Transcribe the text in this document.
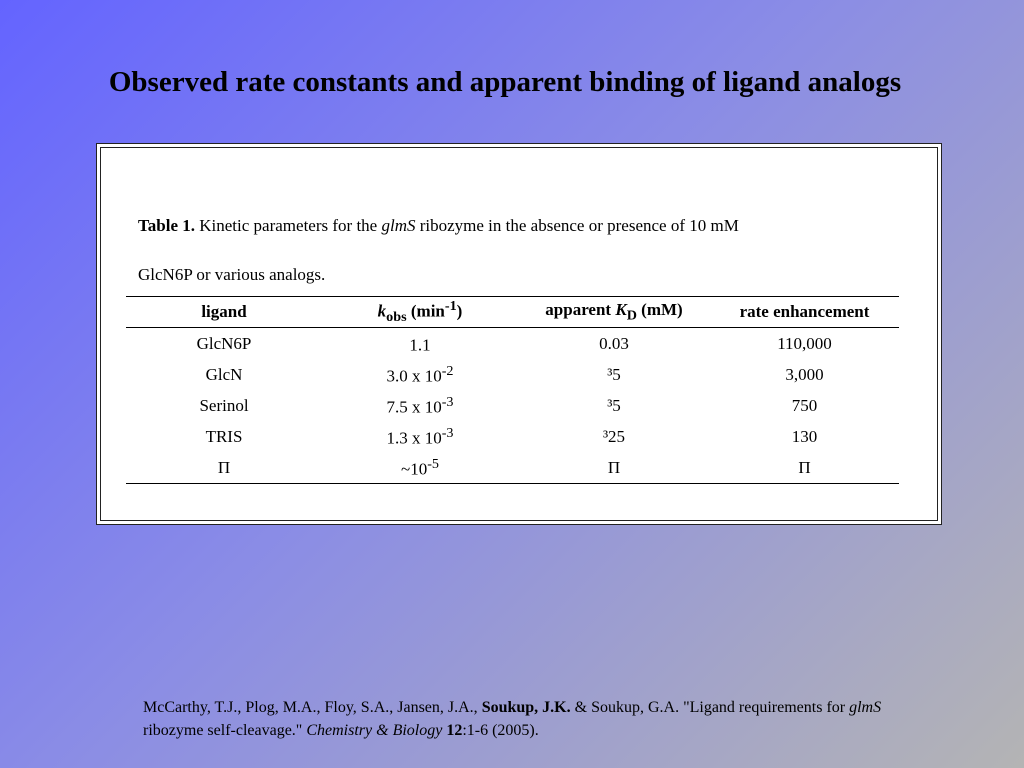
Observed rate constants and apparent binding of ligand analogs
Table 1. Kinetic parameters for the glmS ribozyme in the absence or presence of 10 mM
GlcN6P or various analogs.
ligand	$k_{obs}$ $(\min^{-1})$	apparent $K_D$ (mM)	rate enhancement
GlcN6P	1.1	0.03	110,000
GlcN	3.0 x $10^{-2}$	³5	3,000
Serinol	7.5 x $10^{-3}$	³5	750
TRIS	1.3 x $10^{-3}$	³25	130
Π	$\sim 10^{-5}$	Π	Π
McCarthy, T.J., Plog, M.A., Floy, S.A., Jansen, J.A., Soukup, J.K. & Soukup, G.A. "Ligand requirements for glmS ribozyme self-cleavage." Chemistry & Biology 12:1-6 (2005).
